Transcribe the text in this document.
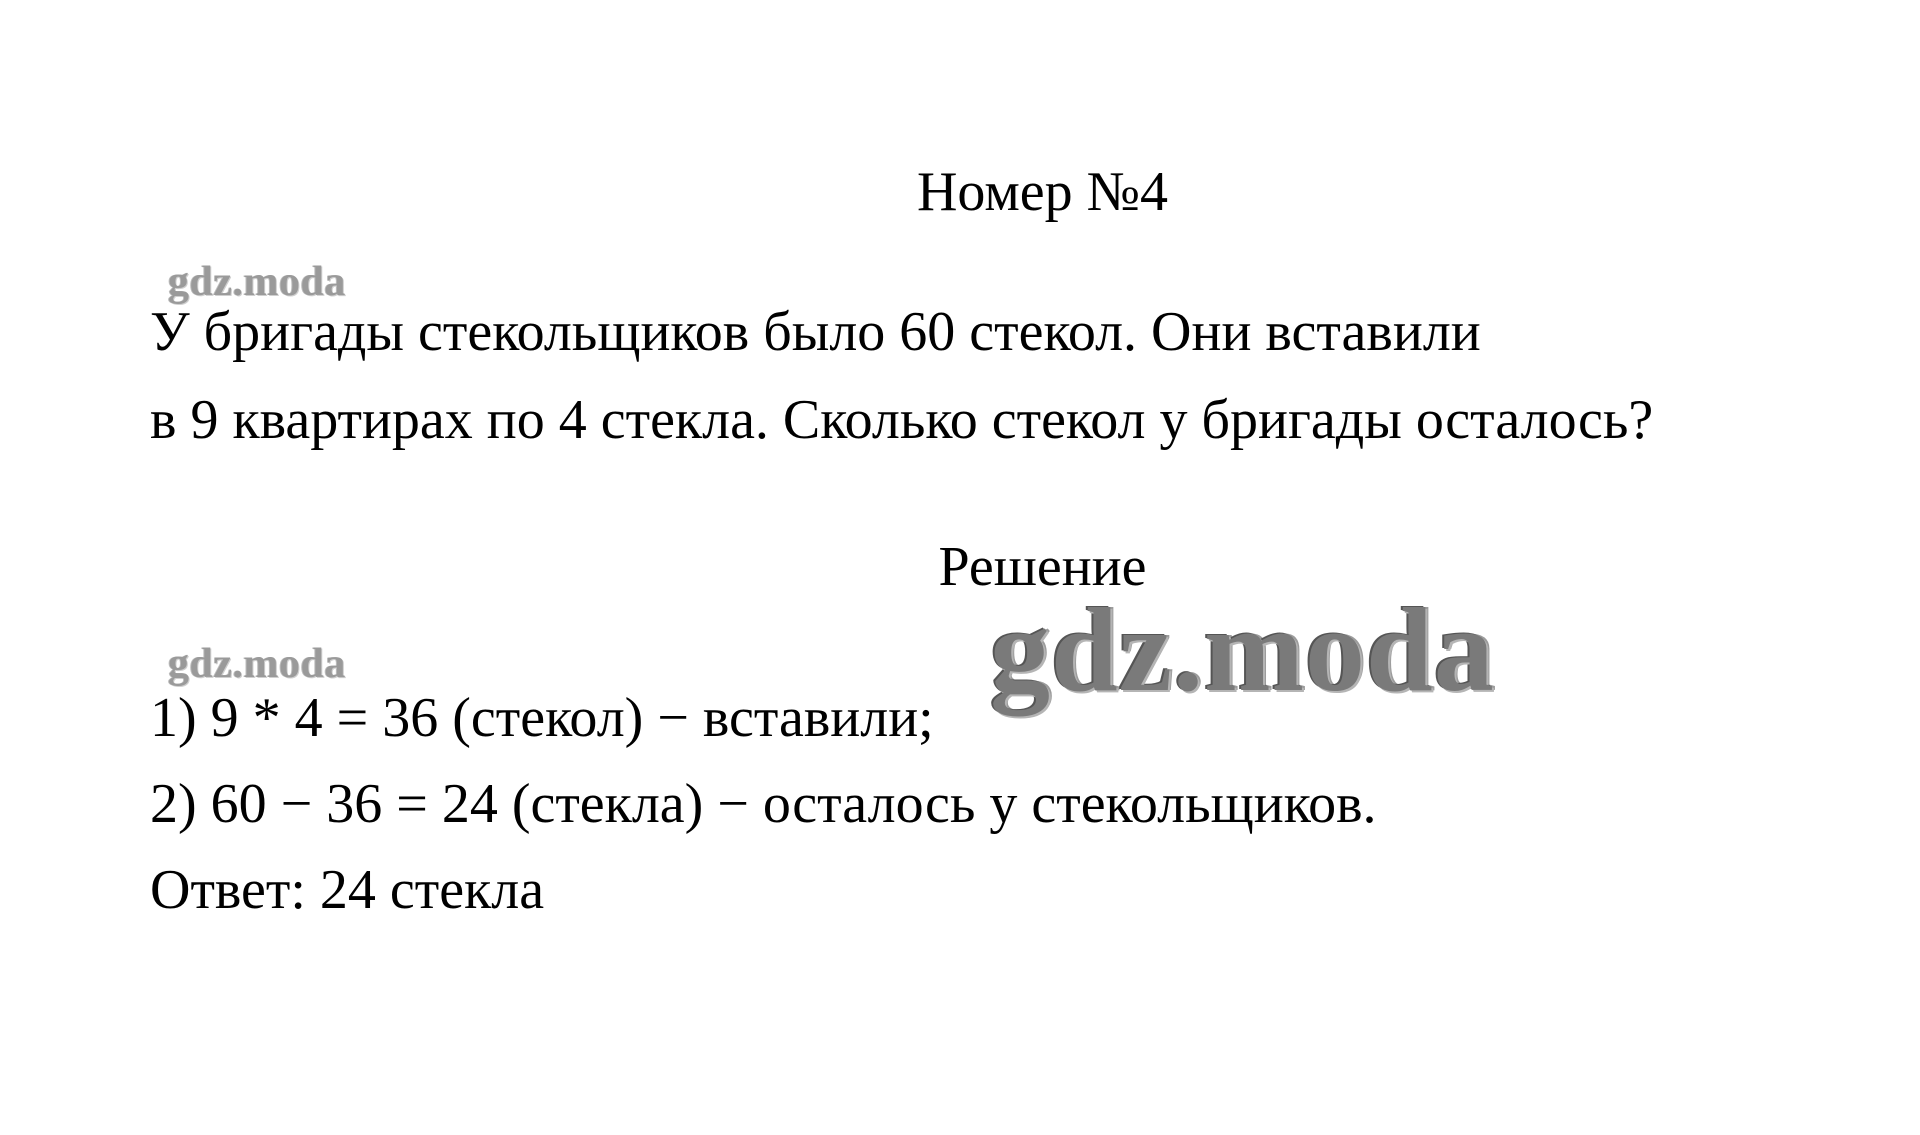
Номер №4
gdz.moda
У бригады стекольщиков было 60 стекол. Они вставили
в 9 квартирах по 4 стекла. Сколько стекол у бригады осталось?
Решение
gdz.moda
gdz.moda
1) 9 * 4 = 36 (стекол) − вставили;
2) 60 − 36 = 24 (стекла) − осталось у стекольщиков.
Ответ: 24 стекла
